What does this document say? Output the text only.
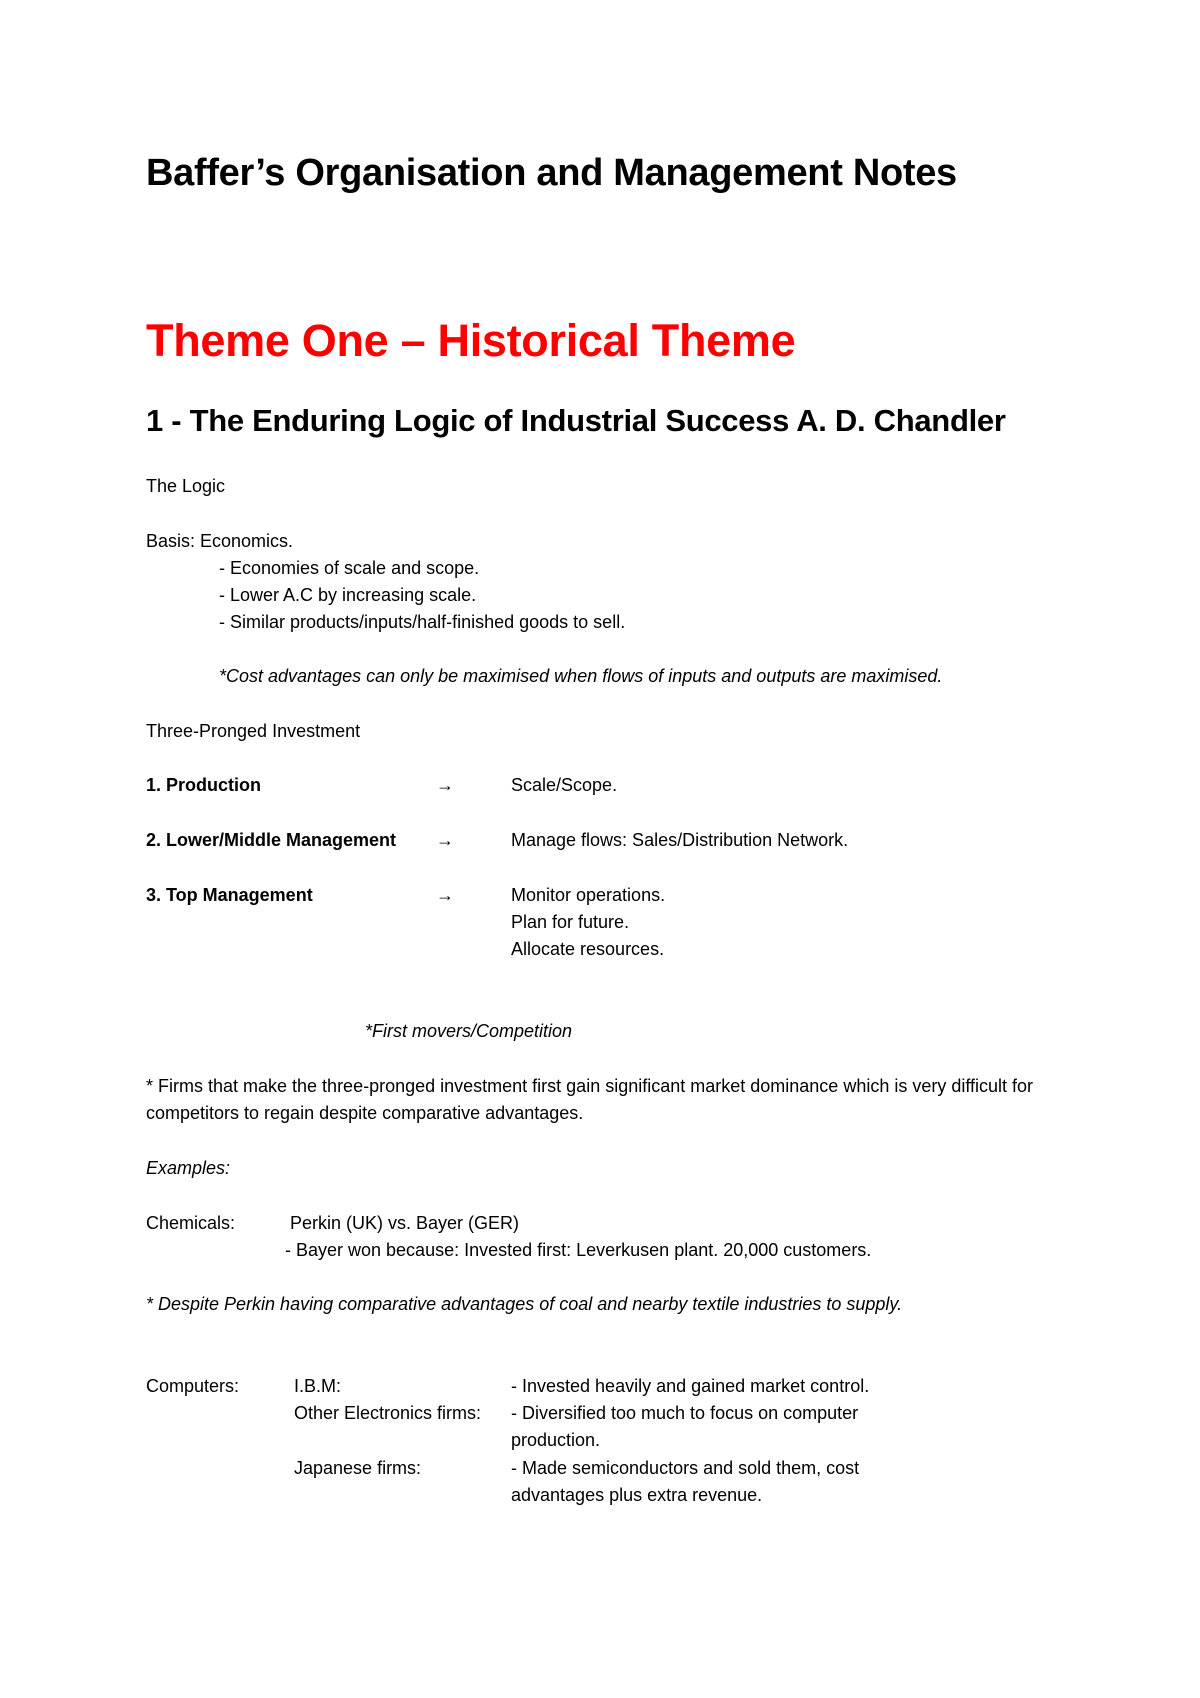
Baffer’s Organisation and Management Notes
Theme One – Historical Theme
1 - The Enduring Logic of Industrial Success A. D. Chandler
The Logic
Basis: Economics.
- Economies of scale and scope.
- Lower A.C by increasing scale.
- Similar products/inputs/half-finished goods to sell.
*Cost advantages can only be maximised when flows of inputs and outputs are maximised.
Three-Pronged Investment
1. Production	→	Scale/Scope.
2. Lower/Middle Management →	Manage flows: Sales/Distribution Network.
3. Top Management	→	Monitor operations.
Plan for future.
Allocate resources.
*First movers/Competition
* Firms that make the three-pronged investment first gain significant market dominance which is very difficult for competitors to regain despite comparative advantages.
Examples:
Chemicals:	Perkin (UK) vs. Bayer (GER)
- Bayer won because: Invested first: Leverkusen plant. 20,000 customers.
* Despite Perkin having comparative advantages of coal and nearby textile industries to supply.
Computers:	I.B.M:	- Invested heavily and gained market control.
Other Electronics firms: - Diversified too much to focus on computer production.
Japanese firms:	- Made semiconductors and sold them, cost advantages plus extra revenue.
